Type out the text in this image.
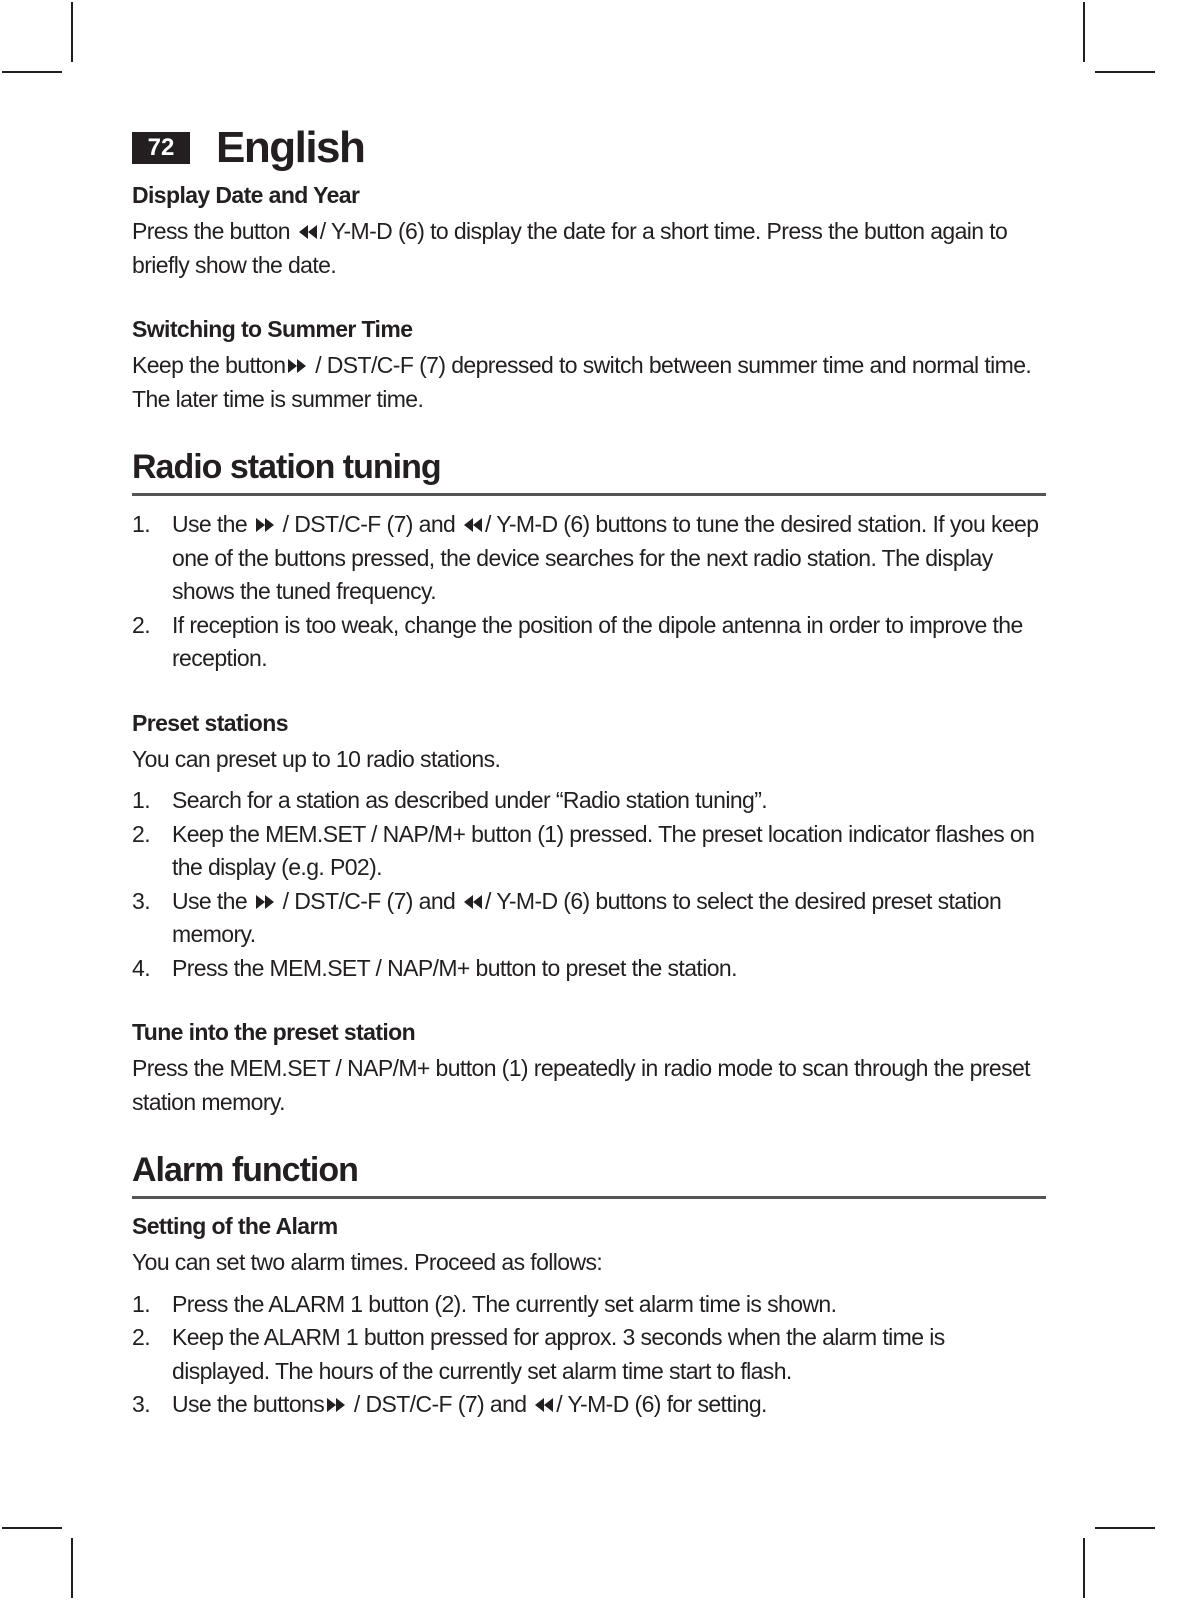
72 English
Display Date and Year

Press the button / Y-M-D (6) to display the date for a short time. Press the button again to briefly show the date.

Switching to Summer Time

Keep the button / DST/C-F (7) depressed to switch between summer time and normal time. The later time is summer time.

Radio station tuning
1. Use the / DST/C-F (7) and / Y-M-D (6) buttons to tune the desired station. If you keep one of the buttons pressed, the device searches for the next radio station. The display shows the tuned frequency.
2. If reception is too weak, change the position of the dipole antenna in order to improve the reception.
Preset stations

You can preset up to 10 radio stations.

1. Search for a station as described under “Radio station tuning”.
2. Keep the MEM.SET / NAP/M+ button (1) pressed. The preset location indicator flashes on the display (e.g. P02).
3. Use the / DST/C-F (7) and / Y-M-D (6) buttons to select the desired preset station memory.
4. Press the MEM.SET / NAP/M+ button to preset the station.
Tune into the preset station

Press the MEM.SET / NAP/M+ button (1) repeatedly in radio mode to scan through the preset station memory.

Alarm function
Setting of the Alarm

You can set two alarm times. Proceed as follows:

1. Press the ALARM 1 button (2). The currently set alarm time is shown.
2. Keep the ALARM 1 button pressed for approx. 3 seconds when the alarm time is displayed. The hours of the currently set alarm time start to flash.
3. Use the buttons / DST/C-F (7) and / Y-M-D (6) for setting.
